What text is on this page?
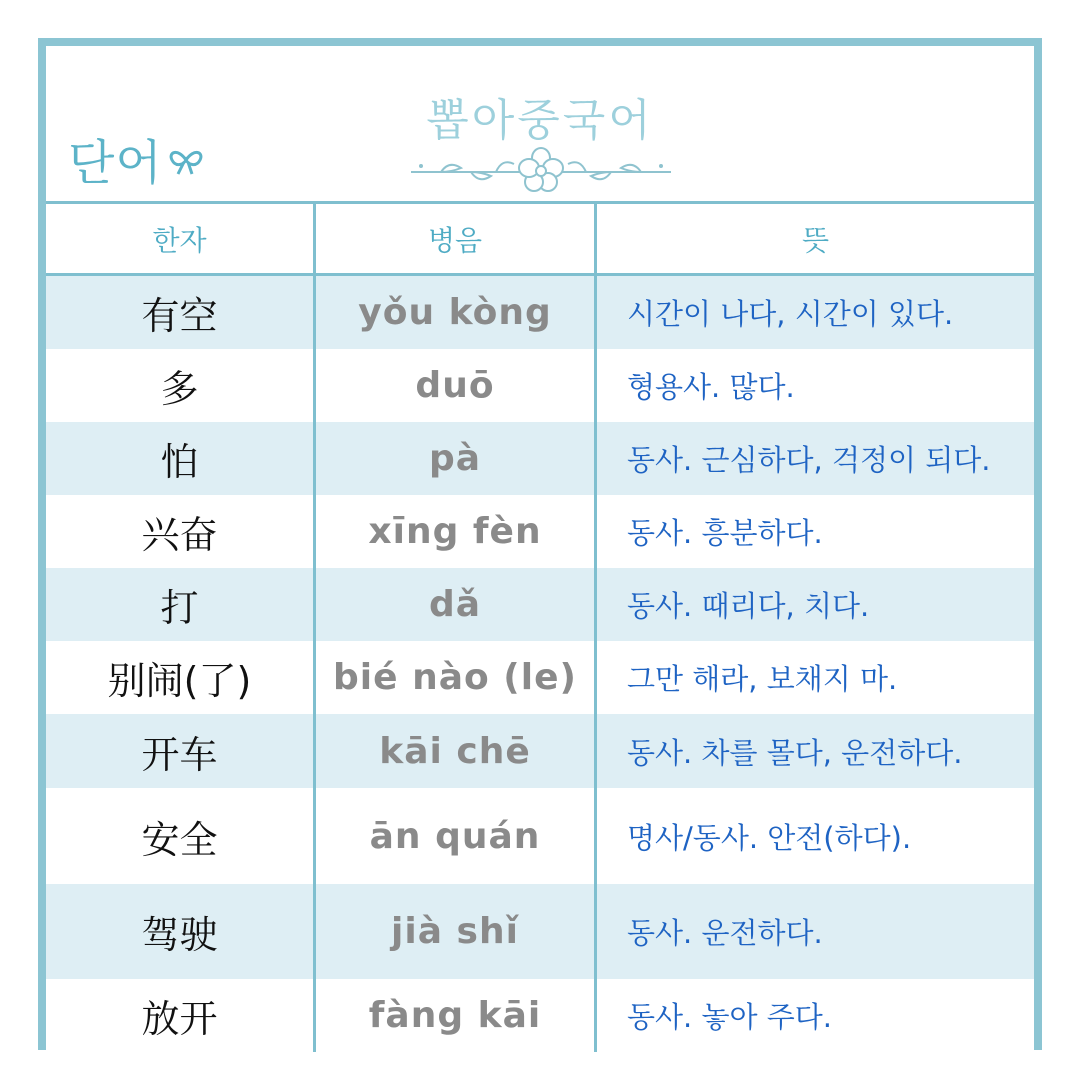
단어
뽑아중국어
한자	병음	뜻
有空	yǒu kòng	시간이 나다, 시간이 있다.
多	duō	형용사. 많다.
怕	pà	동사. 근심하다, 걱정이 되다.
兴奋	xīng fèn	동사. 흥분하다.
打	dǎ	동사. 때리다, 치다.
别闹(了)	bié nào (le)	그만 해라, 보채지 마.
开车	kāi chē	동사. 차를 몰다, 운전하다.
安全	ān quán	명사/동사. 안전(하다).
驾驶	jià shǐ	동사. 운전하다.
放开	fàng kāi	동사. 놓아 주다.
